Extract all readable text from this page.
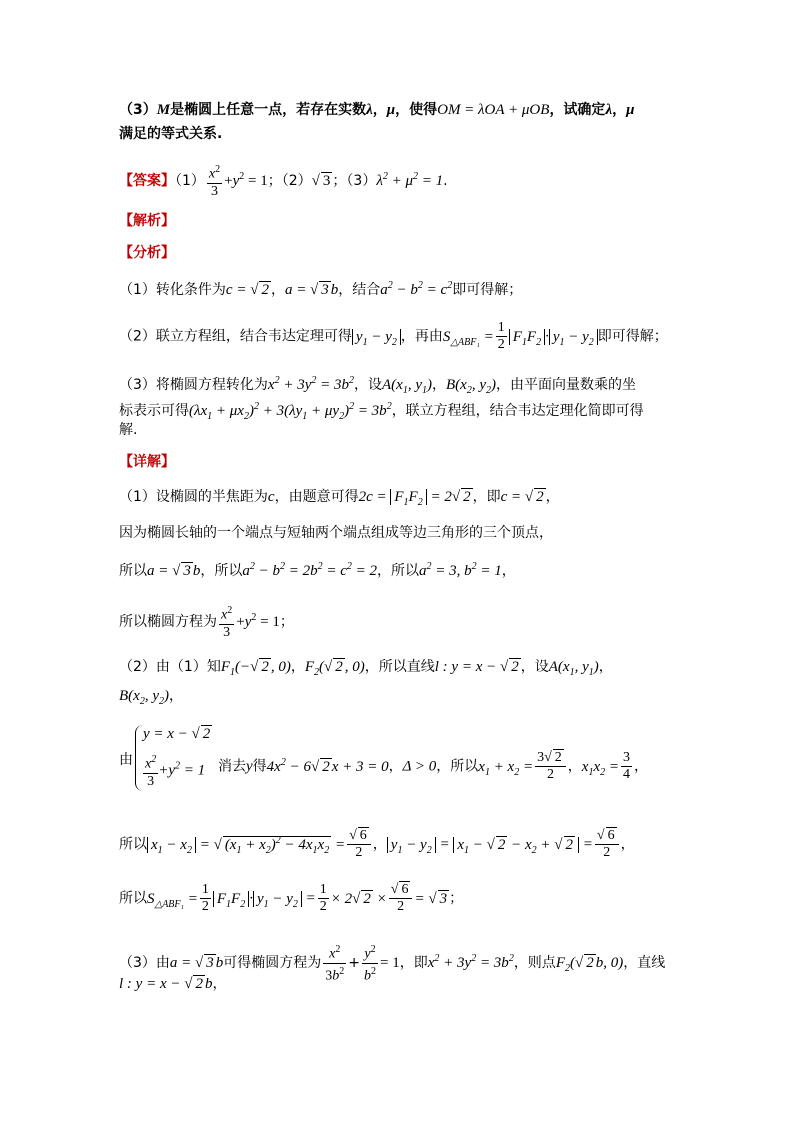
（3）M是椭圆上任意一点，若存在实数λ，μ，使得OM = λOA + μOB，试确定λ，μ
满足的等式关系.
【答案】$(1) \frac{x^2}{3} +y^2 = 1$；（2）√ 3 ；$(3)\lambda^2 + \mu^2 = 1$.
【解析】
【分析】
（1）转化条件为c = √ 2 ，a = √ 3 b，结合$a^2 - b^2 = c^2$即可得解；
（2）联立方程组，结合韦达定理可得 $y_1 - y_2$ ，再由$S_{\triangle ABF_1} = \frac{1}{2} F_1F_2 \cdot y_1 - y_2$ 即可得解；
（3）将椭圆方程转化为$x^2 + 3y^2 = 3b^2$，设$A(x_1$, $y_1$)，$B(x_2$, $y_2$)，由平面向量数乘的坐
标表示可得$(\lambda x_1 + \mu x_2)^2 + 3(\lambda y_1 + \mu y_2)^2 = 3b^2$，联立方程组，结合韦达定理化简即可得
解.
【详解】
（1）设椭圆的半焦距为c，由题意可得$2c = F_1F_2 = 2√$ 2 ，即c = √ 2 ，
因为椭圆长轴的一个端点与短轴两个端点组成等边三角形的三个顶点，
所以a = √ 3 b，所以$a^2 - b^2 = 2b^2 = c^2 = 2$，所以$a^2 = 3$, $b^2 = 1$，
所以椭圆方程为 $\frac{x^2}{3} +y^2 = 1$；
（2）由（1）知$F_1(-√$ 2 , 0)，$F_2(√$ 2 , 0)，所以直线l : y = x − √ 2 ，设$A(x_1$, $y_1$)，
$B(x_2$, $y_2$)，
由
y = x − √ 2
$\frac{x^2}{3} +y^2 = 1$ 消去y得$4x^2 - 6√$ 2 x + 3 = 0，Δ > 0，所以$x_1 + x_2 = \frac{3√ 2}{2}$ ，$x_1x_2 = \frac{3}{4}$ ，
所以 $x_1 - x_2$ = √ $(x_1 + x_2)^2 - 4x_1x_2 = \frac{√ 6}{2}$ ， $y_1 - y_2 = x_1$ − √ $2 - x_2$ + √ $2 = \frac{√ 6}{2}$ ，
所以$S_{\triangle ABF_1} = \frac{1}{2} F_1F_2 \cdot y_1 - y_2 = \frac{1}{2} \times 2√$ $2 \times \frac{√ 6}{2}$ = √ 3 ；
（3）由a = √ 3 b可得椭圆方程为 $\frac{x^2}{3b^2} + \frac{y^2}{b^2} = 1$，即$x^2 + 3y^2 = 3b^2$，则点$F_2(√$ 2 b, 0)，直线
l : y = x − √ 2 b，
